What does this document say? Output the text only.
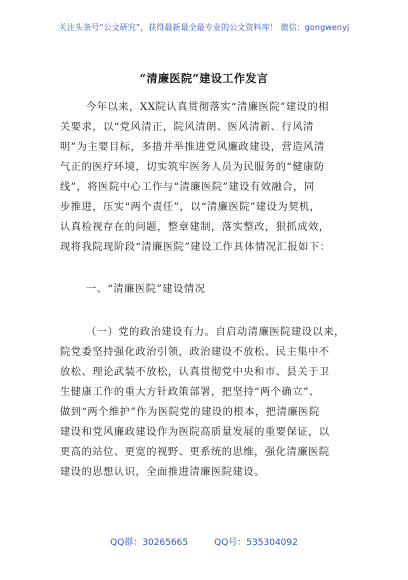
关注头条号“公文研究”，获得最新最全最专业的公文资料库！ 微信：gongwenyj
“清廉医院”建设工作发言
今年以来，XX院认真贯彻落实“清廉医院”建设的相
关要求，以“党风清正，院风清朗、医风清新、行风清
明”为主要目标，多措并举推进党风廉政建设，营造风清
气正的医疗环境，切实筑牢医务人员为民服务的“健康防
线”，将医院中心工作与“清廉医院”建设有效融合，同
步推进，压实“两个责任”，以“清廉医院”建设为契机，
认真检视存在的问题，整章建制，落实整改，狠抓成效，
现将我院现阶段“清廉医院”建设工作具体情况汇报如下：
一、“清廉医院”建设情况
（一）党的政治建设有力。自启动清廉医院建设以来，
院党委坚持强化政治引领，政治建设不放松、民主集中不
放松、理论武装不放松，认真贯彻党中央和市、县关于卫
生健康工作的重大方针政策部署，把坚持“两个确立”、
做到“两个维护”作为医院党的建设的根本，把清廉医院
建设和党风廉政建设作为医院高质量发展的重要保证，以
更高的站位、更宽的视野、更系统的思维，强化清廉医院
建设的思想认识，全面推进清廉医院建设。
QQ群：30265665	QQ号：535304092
